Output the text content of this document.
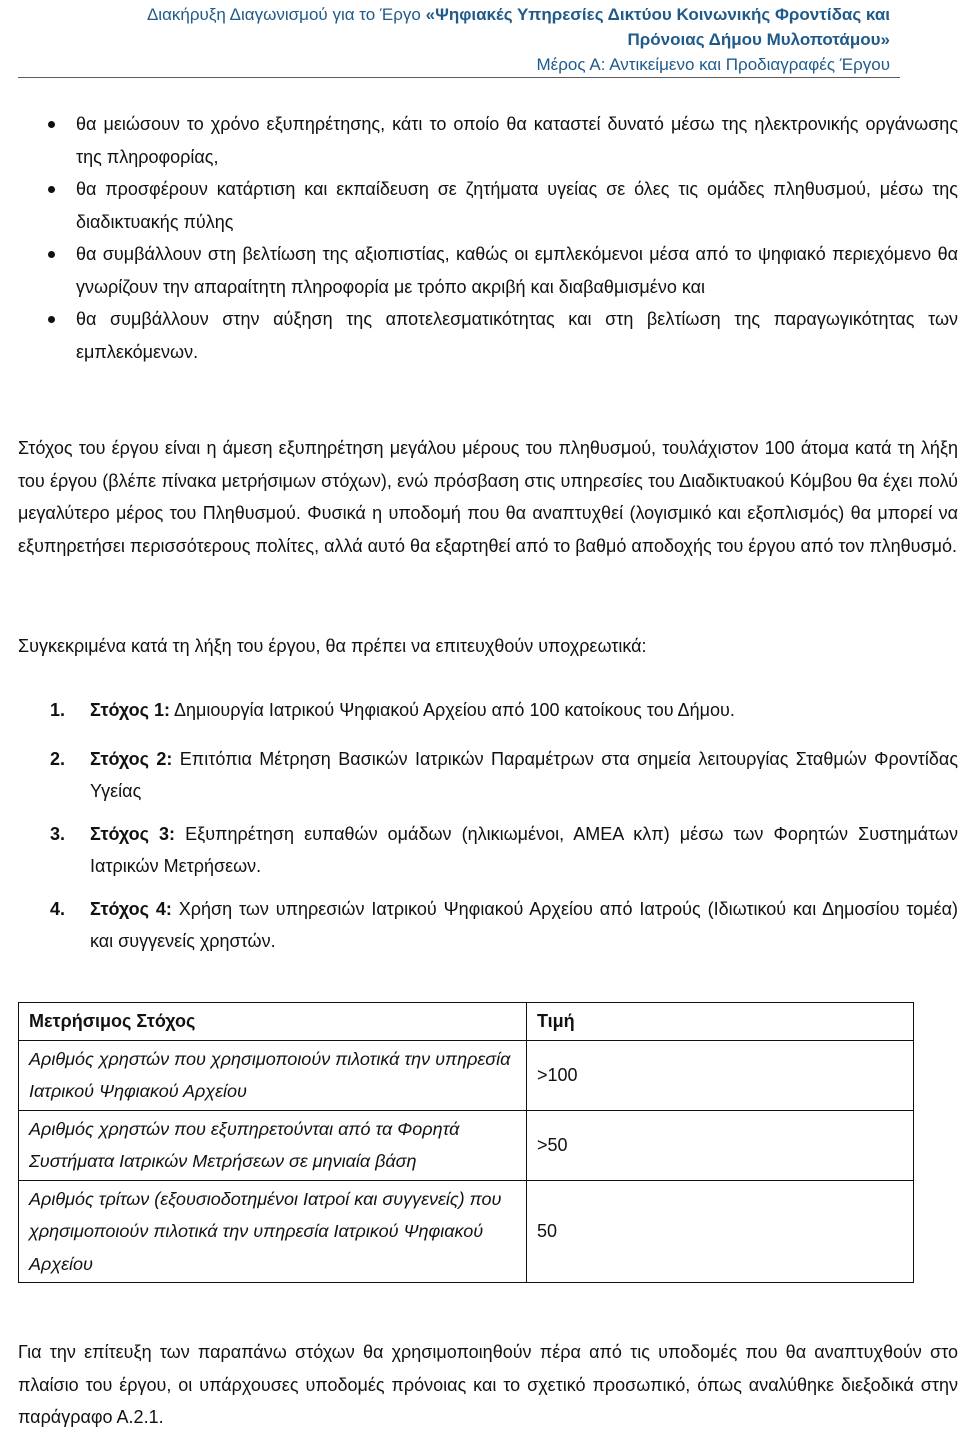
Διακήρυξη Διαγωνισμού για το Έργο «Ψηφιακές Υπηρεσίες Δικτύου Κοινωνικής Φροντίδας και
Πρόνοιας Δήμου Μυλοποτάμου»
Μέρος Α: Αντικείμενο και Προδιαγραφές Έργου
θα μειώσουν το χρόνο εξυπηρέτησης, κάτι το οποίο θα καταστεί δυνατό μέσω της ηλεκτρονικής οργάνωσης της πληροφορίας,
θα προσφέρουν κατάρτιση και εκπαίδευση σε ζητήματα υγείας σε όλες τις ομάδες πληθυσμού, μέσω της διαδικτυακής πύλης
θα συμβάλλουν στη βελτίωση της αξιοπιστίας, καθώς οι εμπλεκόμενοι μέσα από το ψηφιακό περιεχόμενο θα γνωρίζουν την απαραίτητη πληροφορία με τρόπο ακριβή και διαβαθμισμένο και
θα συμβάλλουν στην αύξηση της αποτελεσματικότητας και στη βελτίωση της παραγωγικότητας των εμπλεκόμενων.

Στόχος του έργου είναι η άμεση εξυπηρέτηση μεγάλου μέρους του πληθυσμού, τουλάχιστον 100 άτομα κατά τη λήξη του έργου (βλέπε πίνακα μετρήσιμων στόχων), ενώ πρόσβαση στις υπηρεσίες του Διαδικτυακού Κόμβου θα έχει πολύ μεγαλύτερο μέρος του Πληθυσμού. Φυσικά η υποδομή που θα αναπτυχθεί (λογισμικό και εξοπλισμός) θα μπορεί να εξυπηρετήσει περισσότερους πολίτες, αλλά αυτό θα εξαρτηθεί από το βαθμό αποδοχής του έργου από τον πληθυσμό.

Συγκεκριμένα κατά τη λήξη του έργου, θα πρέπει να επιτευχθούν υποχρεωτικά:

1. Στόχος 1: Δημιουργία Ιατρικού Ψηφιακού Αρχείου από 100 κατοίκους του Δήμου.
2. Στόχος 2: Επιτόπια Μέτρηση Βασικών Ιατρικών Παραμέτρων στα σημεία λειτουργίας Σταθμών Φροντίδας Υγείας
3. Στόχος 3: Εξυπηρέτηση ευπαθών ομάδων (ηλικιωμένοι, ΑΜΕΑ κλπ) μέσω των Φορητών Συστημάτων Ιατρικών Μετρήσεων.
4. Στόχος 4: Χρήση των υπηρεσιών Ιατρικού Ψηφιακού Αρχείου από Ιατρούς (Ιδιωτικού και Δημοσίου τομέα) και συγγενείς χρηστών.
Μετρήσιμος Στόχος	Τιμή
Αριθμός χρηστών που χρησιμοποιούν πιλοτικά την υπηρεσία Ιατρικού Ψηφιακού Αρχείου	>100
Αριθμός χρηστών που εξυπηρετούνται από τα Φορητά Συστήματα Ιατρικών Μετρήσεων σε μηνιαία βάση	>50
Αριθμός τρίτων (εξουσιοδοτημένοι Ιατροί και συγγενείς) που χρησιμοποιούν πιλοτικά την υπηρεσία Ιατρικού Ψηφιακού Αρχείου	50

Για την επίτευξη των παραπάνω στόχων θα χρησιμοποιηθούν πέρα από τις υποδομές που θα αναπτυχθούν στο πλαίσιο του έργου, οι υπάρχουσες υποδομές πρόνοιας και το σχετικό προσωπικό, όπως αναλύθηκε διεξοδικά στην παράγραφο Α.2.1.
